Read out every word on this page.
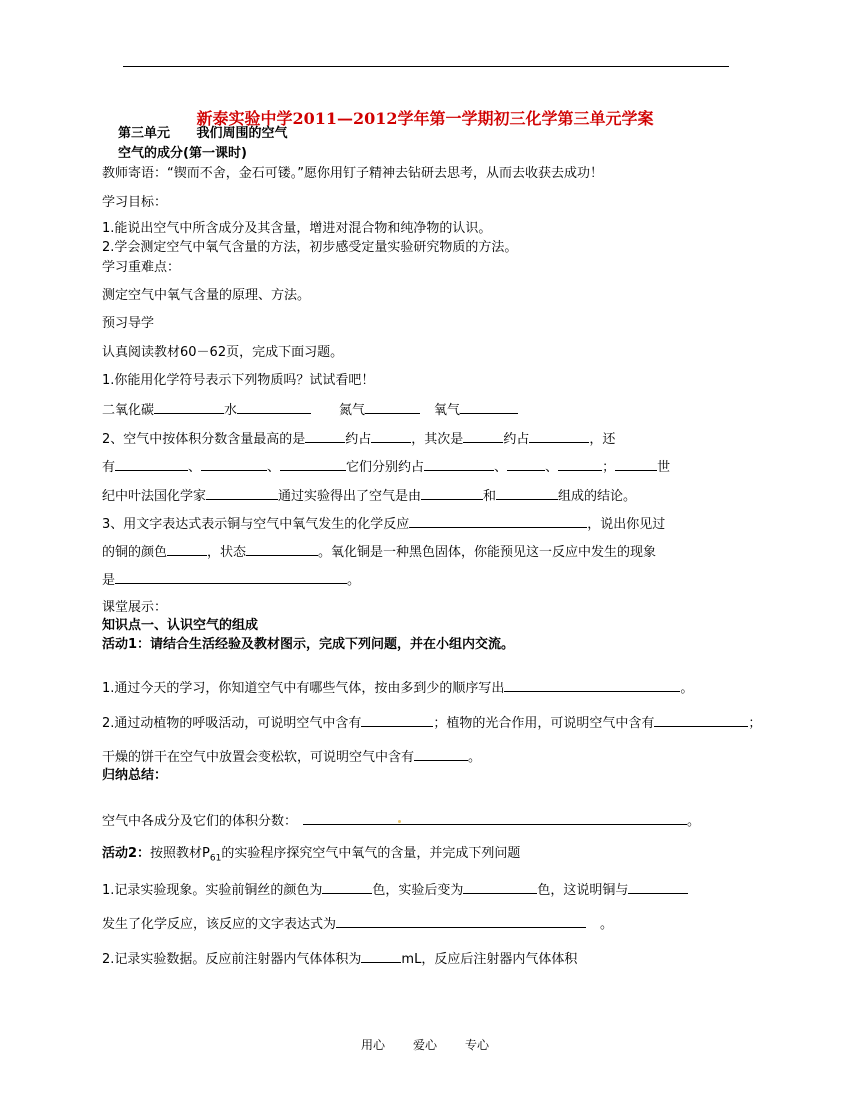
新泰实验中学2011—2012学年第一学期初三化学第三单元学案
第三单元 我们周围的空气
空气的成分(第一课时)
教师寄语：“锲而不舍，金石可镂。”愿你用钉子精神去钻研去思考，从而去收获去成功！
学习目标：
1.能说出空气中所含成分及其含量，增进对混合物和纯净物的认识。
2.学会测定空气中氧气含量的方法，初步感受定量实验研究物质的方法。
学习重难点：
测定空气中氧气含量的原理、方法。
预习导学
认真阅读教材60－62页，完成下面习题。
1.你能用化学符号表示下列物质吗？试试看吧！
二氧化碳	水	氮气	氧气
2、空气中按体积分数含量最高的是	约占	，其次是	约占	，还
有	、	、	它们分别约占	、	、	；	世
纪中叶法国化学家	通过实验得出了空气是由	和	组成的结论。
3、用文字表达式表示铜与空气中氧气发生的化学反应	，说出你见过
的铜的颜色	，状态	。氧化铜是一种黑色固体，你能预见这一反应中发生的现象
是	。
课堂展示：
知识点一、认识空气的组成
活动1：请结合生活经验及教材图示，完成下列问题，并在小组内交流。
1.通过今天的学习，你知道空气中有哪些气体，按由多到少的顺序写出	。
2.通过动植物的呼吸活动，可说明空气中含有	；植物的光合作用，可说明空气中含有	；
干燥的饼干在空气中放置会变松软，可说明空气中含有	。
归纳总结：
空气中各成分及它们的体积分数：	。
活动2：按照教材$P_{61}$的实验程序探究空气中氧气的含量，并完成下列问题
1.记录实验现象。实验前铜丝的颜色为	色，实验后变为	色，这说明铜与
发生了化学反应，该反应的文字表达式为	。
2.记录实验数据。反应前注射器内气体体积为	mL，反应后注射器内气体体积
用心 爱心 专心
